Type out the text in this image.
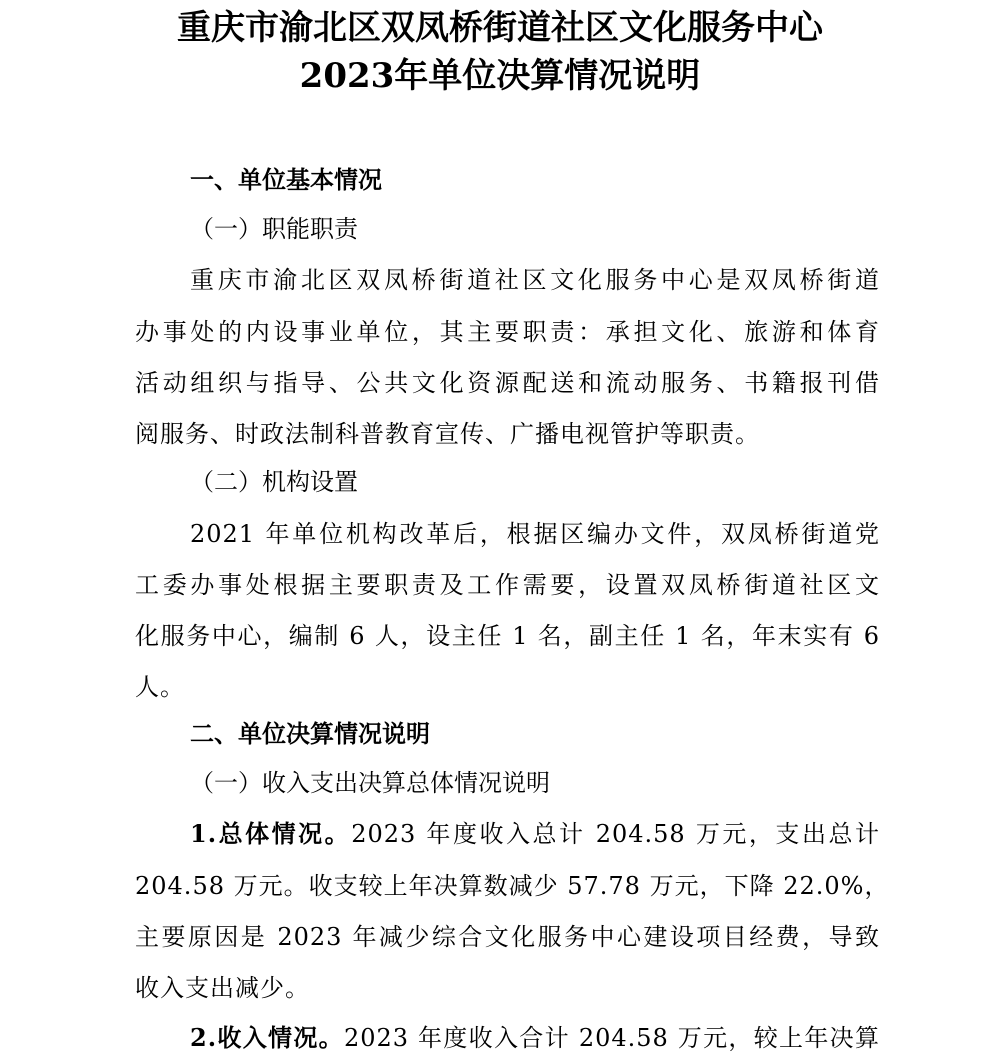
重庆市渝北区双凤桥街道社区文化服务中心
2023年单位决算情况说明
一、单位基本情况
（一）职能职责
重庆市渝北区双凤桥街道社区文化服务中心是双凤桥街道
办事处的内设事业单位，其主要职责：承担文化、旅游和体育
活动组织与指导、公共文化资源配送和流动服务、书籍报刊借
阅服务、时政法制科普教育宣传、广播电视管护等职责。
（二）机构设置
2021 年单位机构改革后，根据区编办文件，双凤桥街道党
工委办事处根据主要职责及工作需要，设置双凤桥街道社区文
化服务中心，编制 6 人，设主任 1 名，副主任 1 名，年末实有 6
人。
二、单位决算情况说明
（一）收入支出决算总体情况说明
1.总体情况。2023 年度收入总计 204.58 万元，支出总计
204.58 万元。收支较上年决算数减少 57.78 万元，下降 22.0%，
主要原因是 2023 年减少综合文化服务中心建设项目经费，导致
收入支出减少。
2.收入情况。2023 年度收入合计 204.58 万元，较上年决算
